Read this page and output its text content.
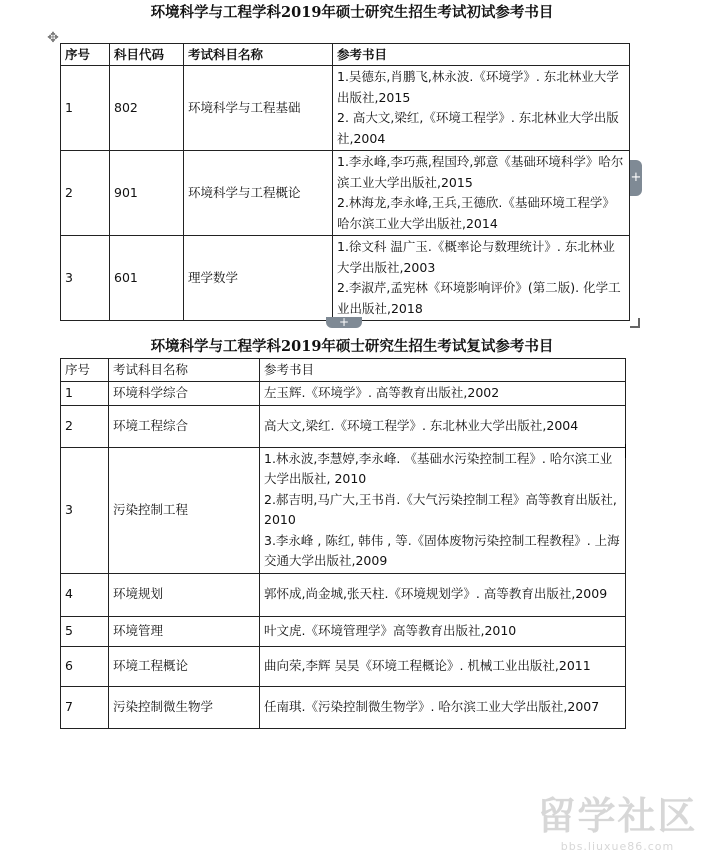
环境科学与工程学科2019年硕士研究生招生考试初试参考书目
✥
序号	科目代码	考试科目名称	参考书目
1	802	环境科学与工程基础	1.吴德东,肖鹏飞,林永波.《环境学》. 东北林业大学出版社,2015
2. 高大文,梁红,《环境工程学》. 东北林业大学出版社,2004

2	901	环境科学与工程概论	1.李永峰,李巧燕,程国玲,郭意《基础环境科学》哈尔滨工业大学出版社,2015
2.林海龙,李永峰,王兵,王德欣.《基础环境工程学》哈尔滨工业大学出版社,2014

3	601	理学数学	1.徐文科 温广玉.《概率论与数理统计》. 东北林业大学出版社,2003
2.李淑芹,孟宪林《环境影响评价》(第二版). 化学工业出版社,2018
+
+
环境科学与工程学科2019年硕士研究生招生考试复试参考书目
序号	考试科目名称	参考书目
1	环境科学综合	左玉辉.《环境学》. 高等教育出版社,2002

2	环境工程综合	高大文,梁红.《环境工程学》. 东北林业大学出版社,2004

3	污染控制工程	1.林永波,李慧婷,李永峰. 《基础水污染控制工程》. 哈尔滨工业大学出版社, 2010
2.郝吉明,马广大,王书肖.《大气污染控制工程》高等教育出版社,2010
3.李永峰 , 陈红, 韩伟 , 等.《固体废物污染控制工程教程》. 上海交通大学出版社,2009

4	环境规划	郭怀成,尚金城,张天柱.《环境规划学》. 高等教育出版社,2009

5	环境管理	叶文虎.《环境管理学》高等教育出版社,2010

6	环境工程概论	曲向荣,李辉 吴昊《环境工程概论》. 机械工业出版社,2011

7	污染控制微生物学	任南琪.《污染控制微生物学》. 哈尔滨工业大学出版社,2007
留学社区
bbs.liuxue86.com
